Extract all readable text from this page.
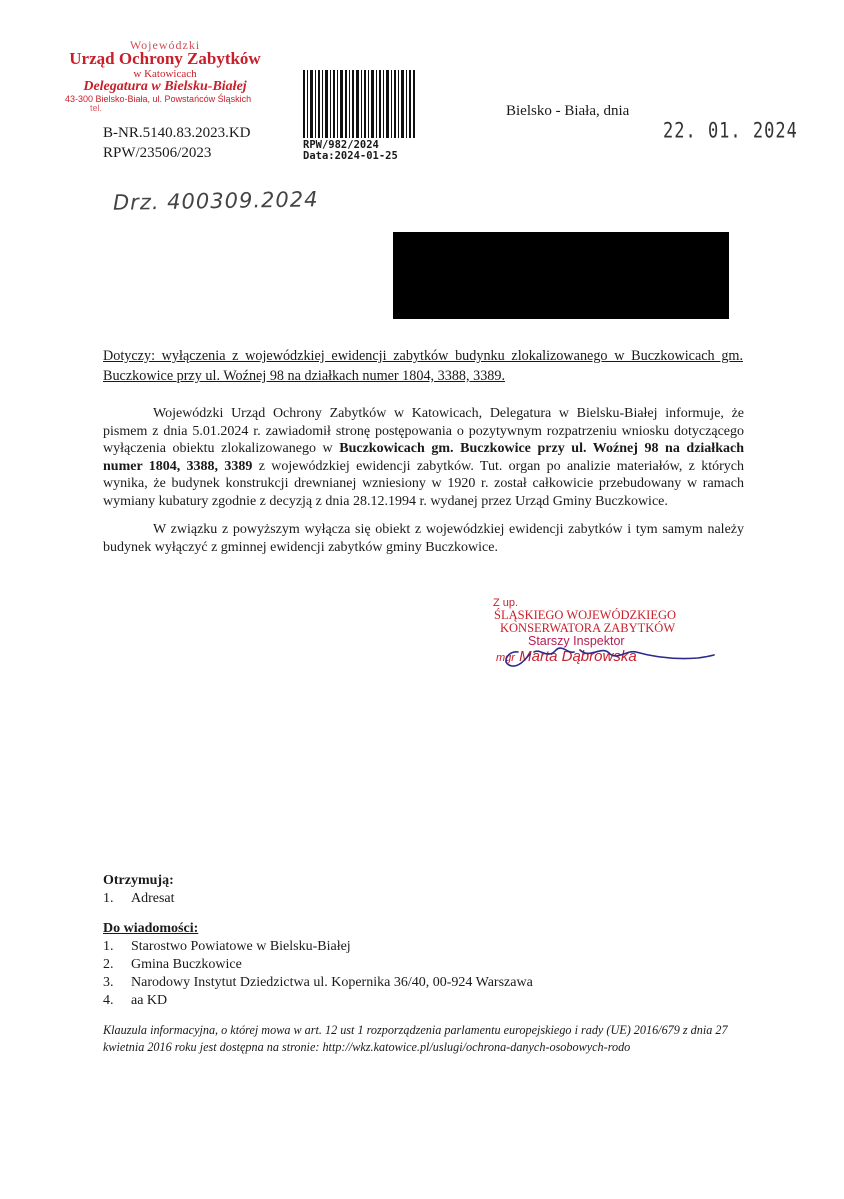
Wojewódzki
Urząd Ochrony Zabytków
w Katowicach
Delegatura w Bielsku-Białej
43-300 Bielsko-Biała, ul. Powstańców Śląskich
tel.
B-NR.5140.83.2023.KD
RPW/23506/2023	RPW/982/2024
Data:2024-01-25
Bielsko - Biała, dnia
22. 01. 2024
Drz. 400309.2024
Dotyczy: wyłączenia z wojewódzkiej ewidencji zabytków budynku zlokalizowanego w Buczkowicach gm. Buczkowice przy ul. Woźnej 98 na działkach numer 1804, 3388, 3389.
Wojewódzki Urząd Ochrony Zabytków w Katowicach, Delegatura w Bielsku-Białej informuje, że pismem z dnia 5.01.2024 r. zawiadomił stronę postępowania o pozytywnym rozpatrzeniu wniosku dotyczącego wyłączenia obiektu zlokalizowanego w Buczkowicach gm. Buczkowice przy ul. Woźnej 98 na działkach numer 1804, 3388, 3389 z wojewódzkiej ewidencji zabytków. Tut. organ po analizie materiałów, z których wynika, że budynek konstrukcji drewnianej wzniesiony w 1920 r. został całkowicie przebudowany w ramach wymiany kubatury zgodnie z decyzją z dnia 28.12.1994 r. wydanej przez Urząd Gminy Buczkowice.
W związku z powyższym wyłącza się obiekt z wojewódzkiej ewidencji zabytków i tym samym należy budynek wyłączyć z gminnej ewidencji zabytków gminy Buczkowice.
Z up.
ŚLĄSKIEGO WOJEWÓDZKIEGO
KONSERWATORA ZABYTKÓW
Starszy Inspektor
mgr Marta Dąbrowska
Otrzymują:
1.	Adresat
Do wiadomości:
1.	Starostwo Powiatowe w Bielsku-Białej
2.	Gmina Buczkowice
3.	Narodowy Instytut Dziedzictwa ul. Kopernika 36/40, 00-924 Warszawa
4.	aa KD
Klauzula informacyjna, o której mowa w art. 12 ust 1 rozporządzenia parlamentu europejskiego i rady (UE) 2016/679 z dnia 27 kwietnia 2016 roku jest dostępna na stronie: http://wkz.katowice.pl/uslugi/ochrona-danych-osobowych-rodo
